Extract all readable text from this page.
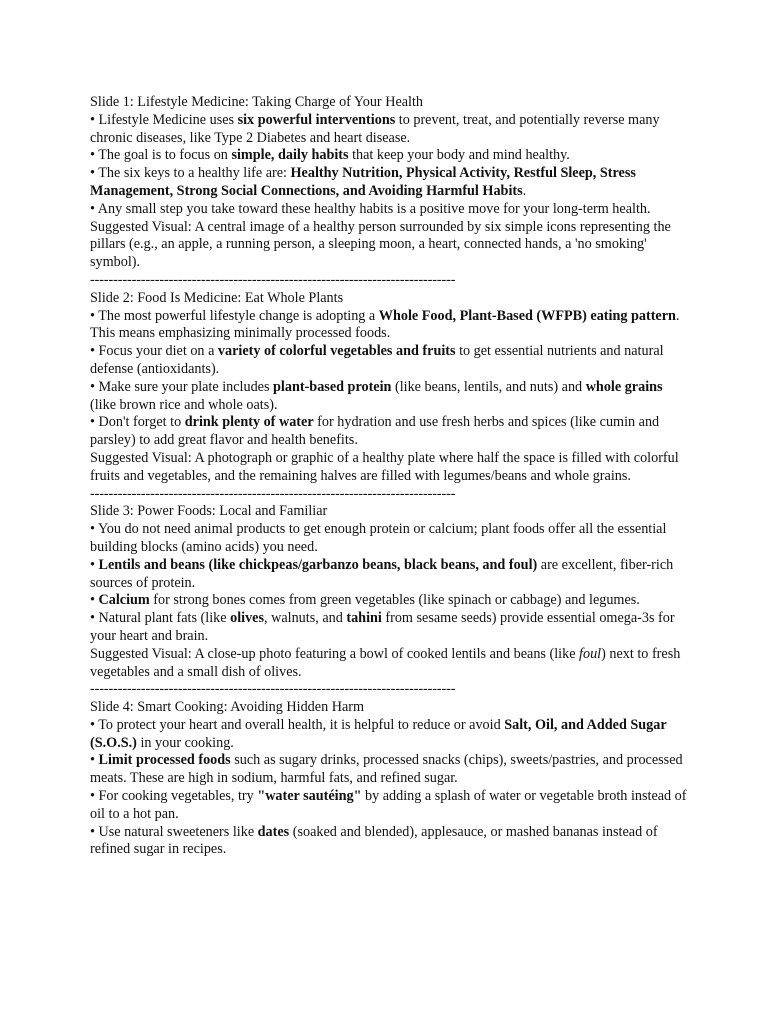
Slide 1: Lifestyle Medicine: Taking Charge of Your Health

• Lifestyle Medicine uses six powerful interventions to prevent, treat, and potentially reverse many chronic diseases, like Type 2 Diabetes and heart disease.

• The goal is to focus on simple, daily habits that keep your body and mind healthy.

• The six keys to a healthy life are: Healthy Nutrition, Physical Activity, Restful Sleep, Stress Management, Strong Social Connections, and Avoiding Harmful Habits.

• Any small step you take toward these healthy habits is a positive move for your long-term health.

Suggested Visual: A central image of a healthy person surrounded by six simple icons representing the pillars (e.g., an apple, a running person, a sleeping moon, a heart, connected hands, a 'no smoking' symbol).

-------------------------------------------------------------------------------

Slide 2: Food Is Medicine: Eat Whole Plants

• The most powerful lifestyle change is adopting a Whole Food, Plant-Based (WFPB) eating pattern. This means emphasizing minimally processed foods.

• Focus your diet on a variety of colorful vegetables and fruits to get essential nutrients and natural defense (antioxidants).

• Make sure your plate includes plant-based protein (like beans, lentils, and nuts) and whole grains (like brown rice and whole oats).

• Don't forget to drink plenty of water for hydration and use fresh herbs and spices (like cumin and parsley) to add great flavor and health benefits.

Suggested Visual: A photograph or graphic of a healthy plate where half the space is filled with colorful fruits and vegetables, and the remaining halves are filled with legumes/beans and whole grains.

-------------------------------------------------------------------------------

Slide 3: Power Foods: Local and Familiar

• You do not need animal products to get enough protein or calcium; plant foods offer all the essential building blocks (amino acids) you need.

• Lentils and beans (like chickpeas/garbanzo beans, black beans, and foul) are excellent, fiber-rich sources of protein.

• Calcium for strong bones comes from green vegetables (like spinach or cabbage) and legumes.

• Natural plant fats (like olives, walnuts, and tahini from sesame seeds) provide essential omega-3s for your heart and brain.

Suggested Visual: A close-up photo featuring a bowl of cooked lentils and beans (like foul) next to fresh vegetables and a small dish of olives.

-------------------------------------------------------------------------------

Slide 4: Smart Cooking: Avoiding Hidden Harm

• To protect your heart and overall health, it is helpful to reduce or avoid Salt, Oil, and Added Sugar (S.O.S.) in your cooking.

• Limit processed foods such as sugary drinks, processed snacks (chips), sweets/pastries, and processed meats. These are high in sodium, harmful fats, and refined sugar.

• For cooking vegetables, try "water sautéing" by adding a splash of water or vegetable broth instead of oil to a hot pan.

• Use natural sweeteners like dates (soaked and blended), applesauce, or mashed bananas instead of refined sugar in recipes.
